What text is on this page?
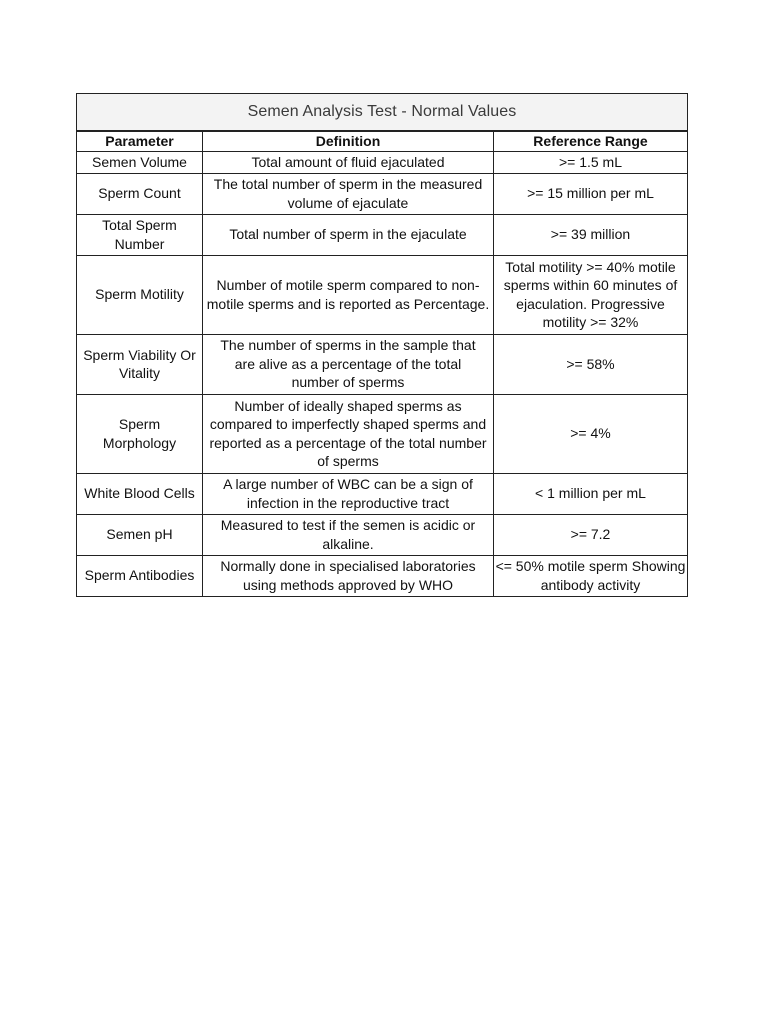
Semen Analysis Test - Normal Values		
Parameter	Definition	Reference Range
Semen Volume	Total amount of fluid ejaculated	>= 1.5 mL
Sperm Count	The total number of sperm in the measured volume of ejaculate	>= 15 million per mL
Total Sperm Number	Total number of sperm in the ejaculate	>= 39 million
Sperm Motility	Number of motile sperm compared to non-motile sperms and is reported as Percentage.	Total motility >= 40% motile sperms within 60 minutes of ejaculation. Progressive motility >= 32%
Sperm Viability Or Vitality	The number of sperms in the sample that are alive as a percentage of the total number of sperms	>= 58%
Sperm Morphology	Number of ideally shaped sperms as compared to imperfectly shaped sperms and reported as a percentage of the total number of sperms	>= 4%
White Blood Cells	A large number of WBC can be a sign of infection in the reproductive tract	< 1 million per mL
Semen pH	Measured to test if the semen is acidic or alkaline.	>= 7.2
Sperm Antibodies	Normally done in specialised laboratories using methods approved by WHO	<= 50% motile sperm Showing antibody activity
